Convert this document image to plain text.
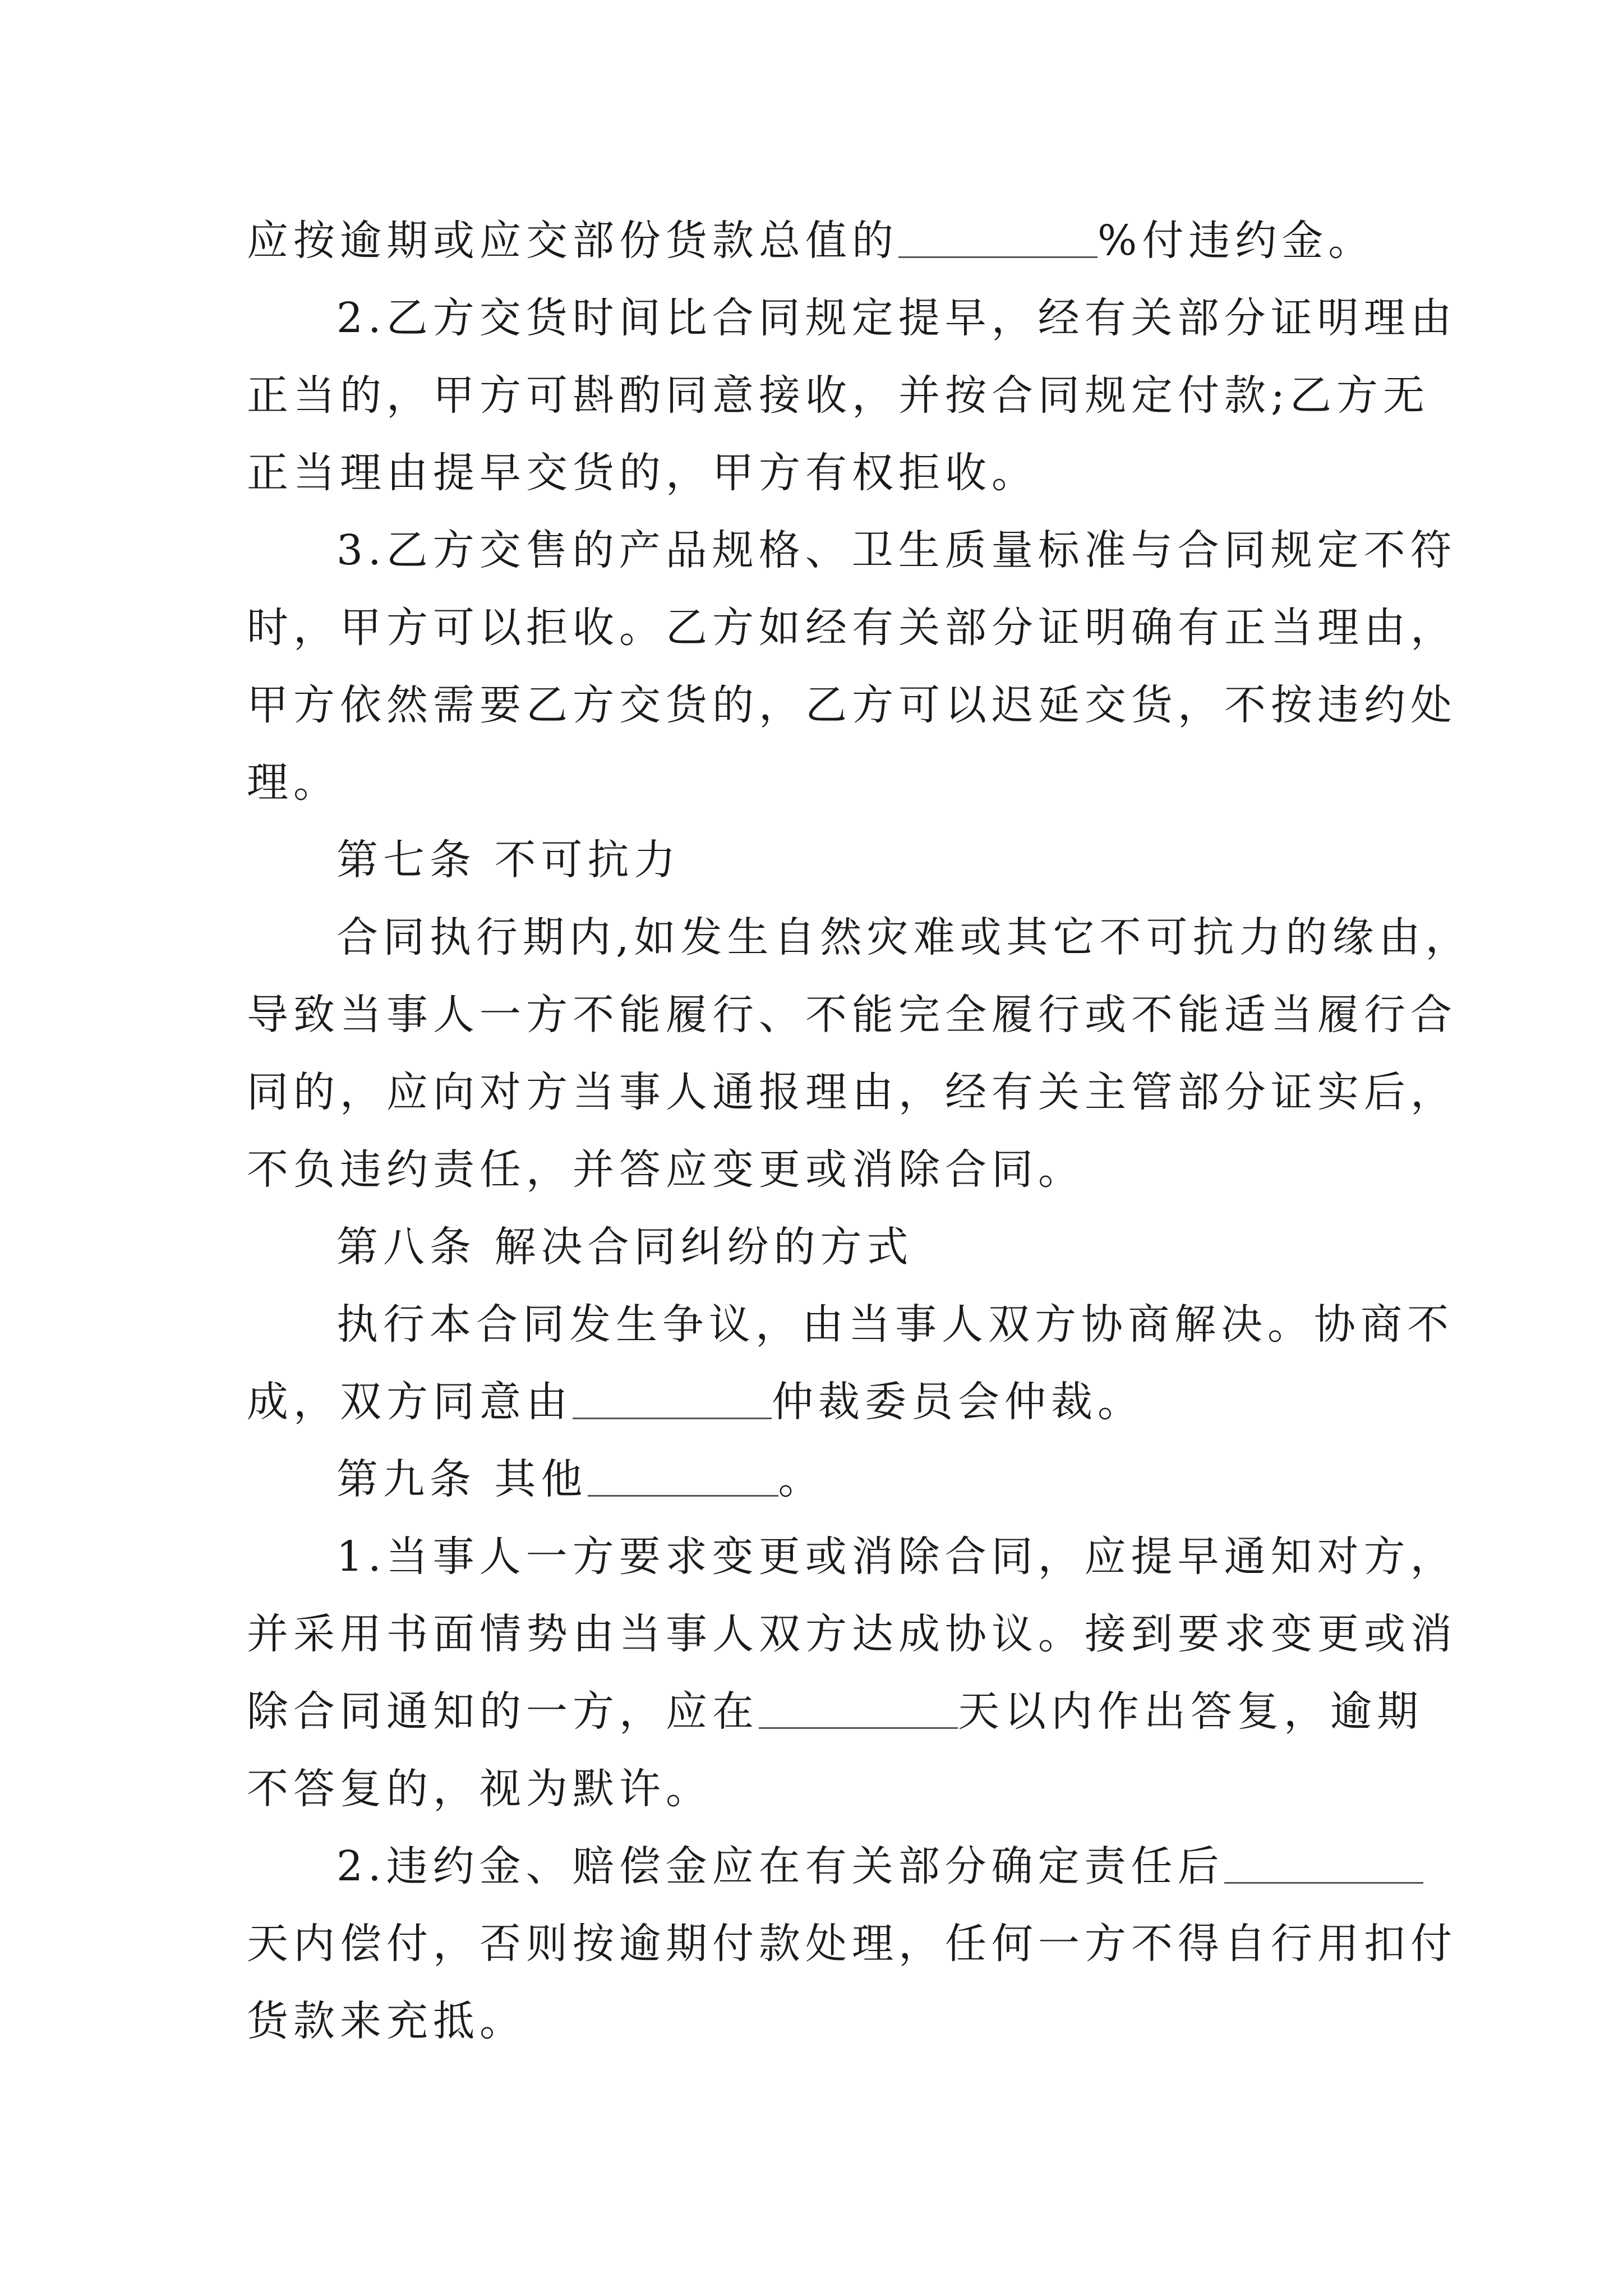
应按逾期或应交部份货款总值的	%付违约金。
2.乙方交货时间比合同规定提早，经有关部分证明理由
正当的，甲方可斟酌同意接收，并按合同规定付款;乙方无
正当理由提早交货的，甲方有权拒收。
3.乙方交售的产品规格、卫生质量标准与合同规定不符
时，甲方可以拒收。乙方如经有关部分证明确有正当理由，
甲方依然需要乙方交货的，乙方可以迟延交货，不按违约处
理。
第七条 不可抗力
合同执行期内,如发生自然灾难或其它不可抗力的缘由，
导致当事人一方不能履行、不能完全履行或不能适当履行合
同的，应向对方当事人通报理由，经有关主管部分证实后，
不负违约责任，并答应变更或消除合同。
第八条 解决合同纠纷的方式
执行本合同发生争议，由当事人双方协商解决。协商不
成，双方同意由	仲裁委员会仲裁。
第九条 其他	。
1.当事人一方要求变更或消除合同，应提早通知对方，
并采用书面情势由当事人双方达成协议。接到要求变更或消
除合同通知的一方，应在	天以内作出答复，逾期
不答复的，视为默许。
2.违约金、赔偿金应在有关部分确定责任后
天内偿付，否则按逾期付款处理，任何一方不得自行用扣付
货款来充抵。
